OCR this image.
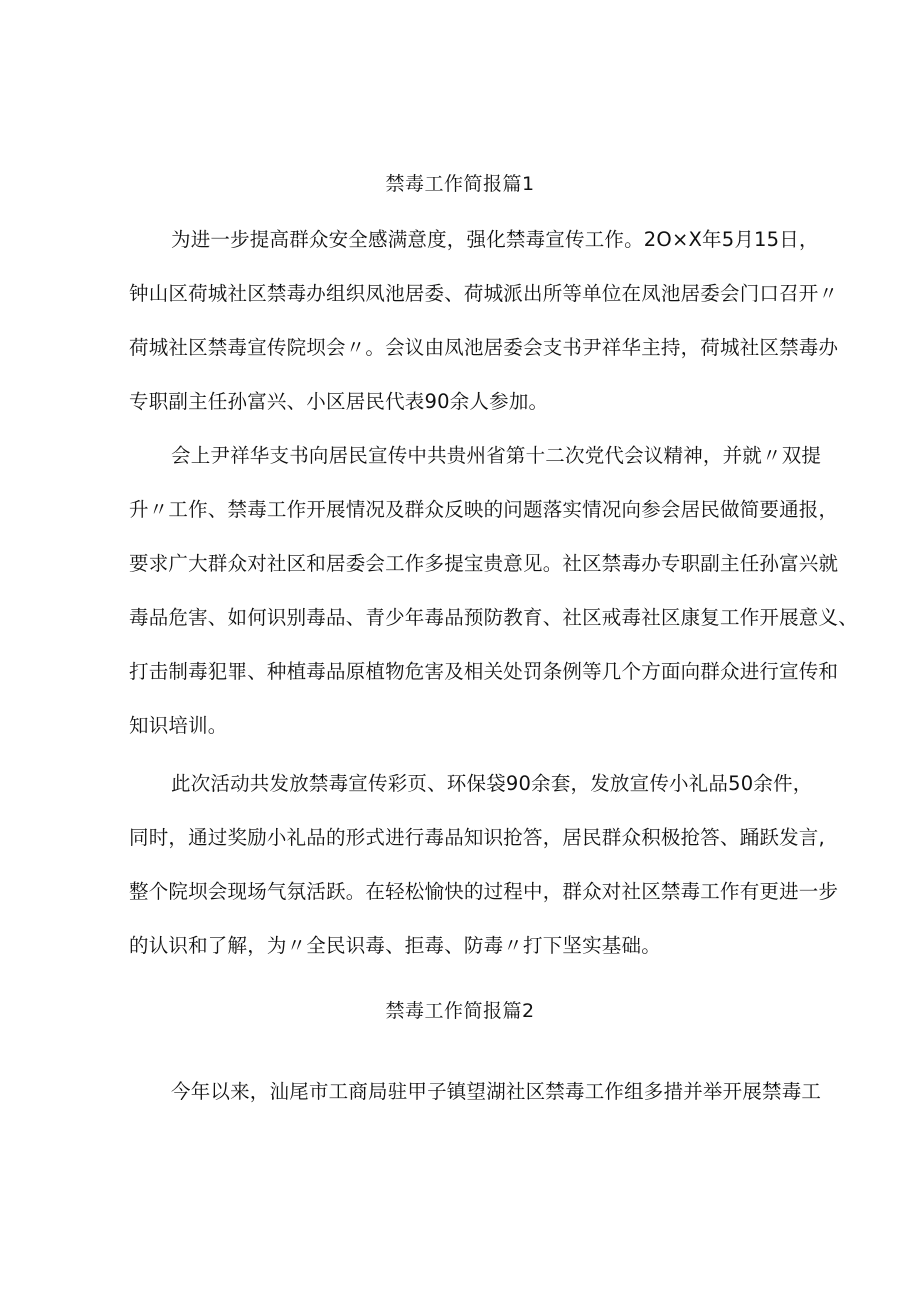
禁毒工作简报篇1
为进一步提高群众安全感满意度，强化禁毒宣传工作。2O×X年5月15日，
钟山区荷城社区禁毒办组织凤池居委、荷城派出所等单位在凤池居委会门口召开〃
荷城社区禁毒宣传院坝会〃。会议由凤池居委会支书尹祥华主持，荷城社区禁毒办
专职副主任孙富兴、小区居民代表90余人参加。
会上尹祥华支书向居民宣传中共贵州省第十二次党代会议精神，并就〃双提
升〃工作、禁毒工作开展情况及群众反映的问题落实情况向参会居民做简要通报，
要求广大群众对社区和居委会工作多提宝贵意见。社区禁毒办专职副主任孙富兴就
毒品危害、如何识别毒品、青少年毒品预防教育、社区戒毒社区康复工作开展意义、
打击制毒犯罪、种植毒品原植物危害及相关处罚条例等几个方面向群众进行宣传和
知识培训。
此次活动共发放禁毒宣传彩页、环保袋90余套，发放宣传小礼品50余件，
同时，通过奖励小礼品的形式进行毒品知识抢答，居民群众积极抢答、踊跃发言,
整个院坝会现场气氛活跃。在轻松愉快的过程中，群众对社区禁毒工作有更进一步
的认识和了解，为〃全民识毒、拒毒、防毒〃打下坚实基础。
禁毒工作简报篇2
今年以来，汕尾市工商局驻甲子镇望湖社区禁毒工作组多措并举开展禁毒工
